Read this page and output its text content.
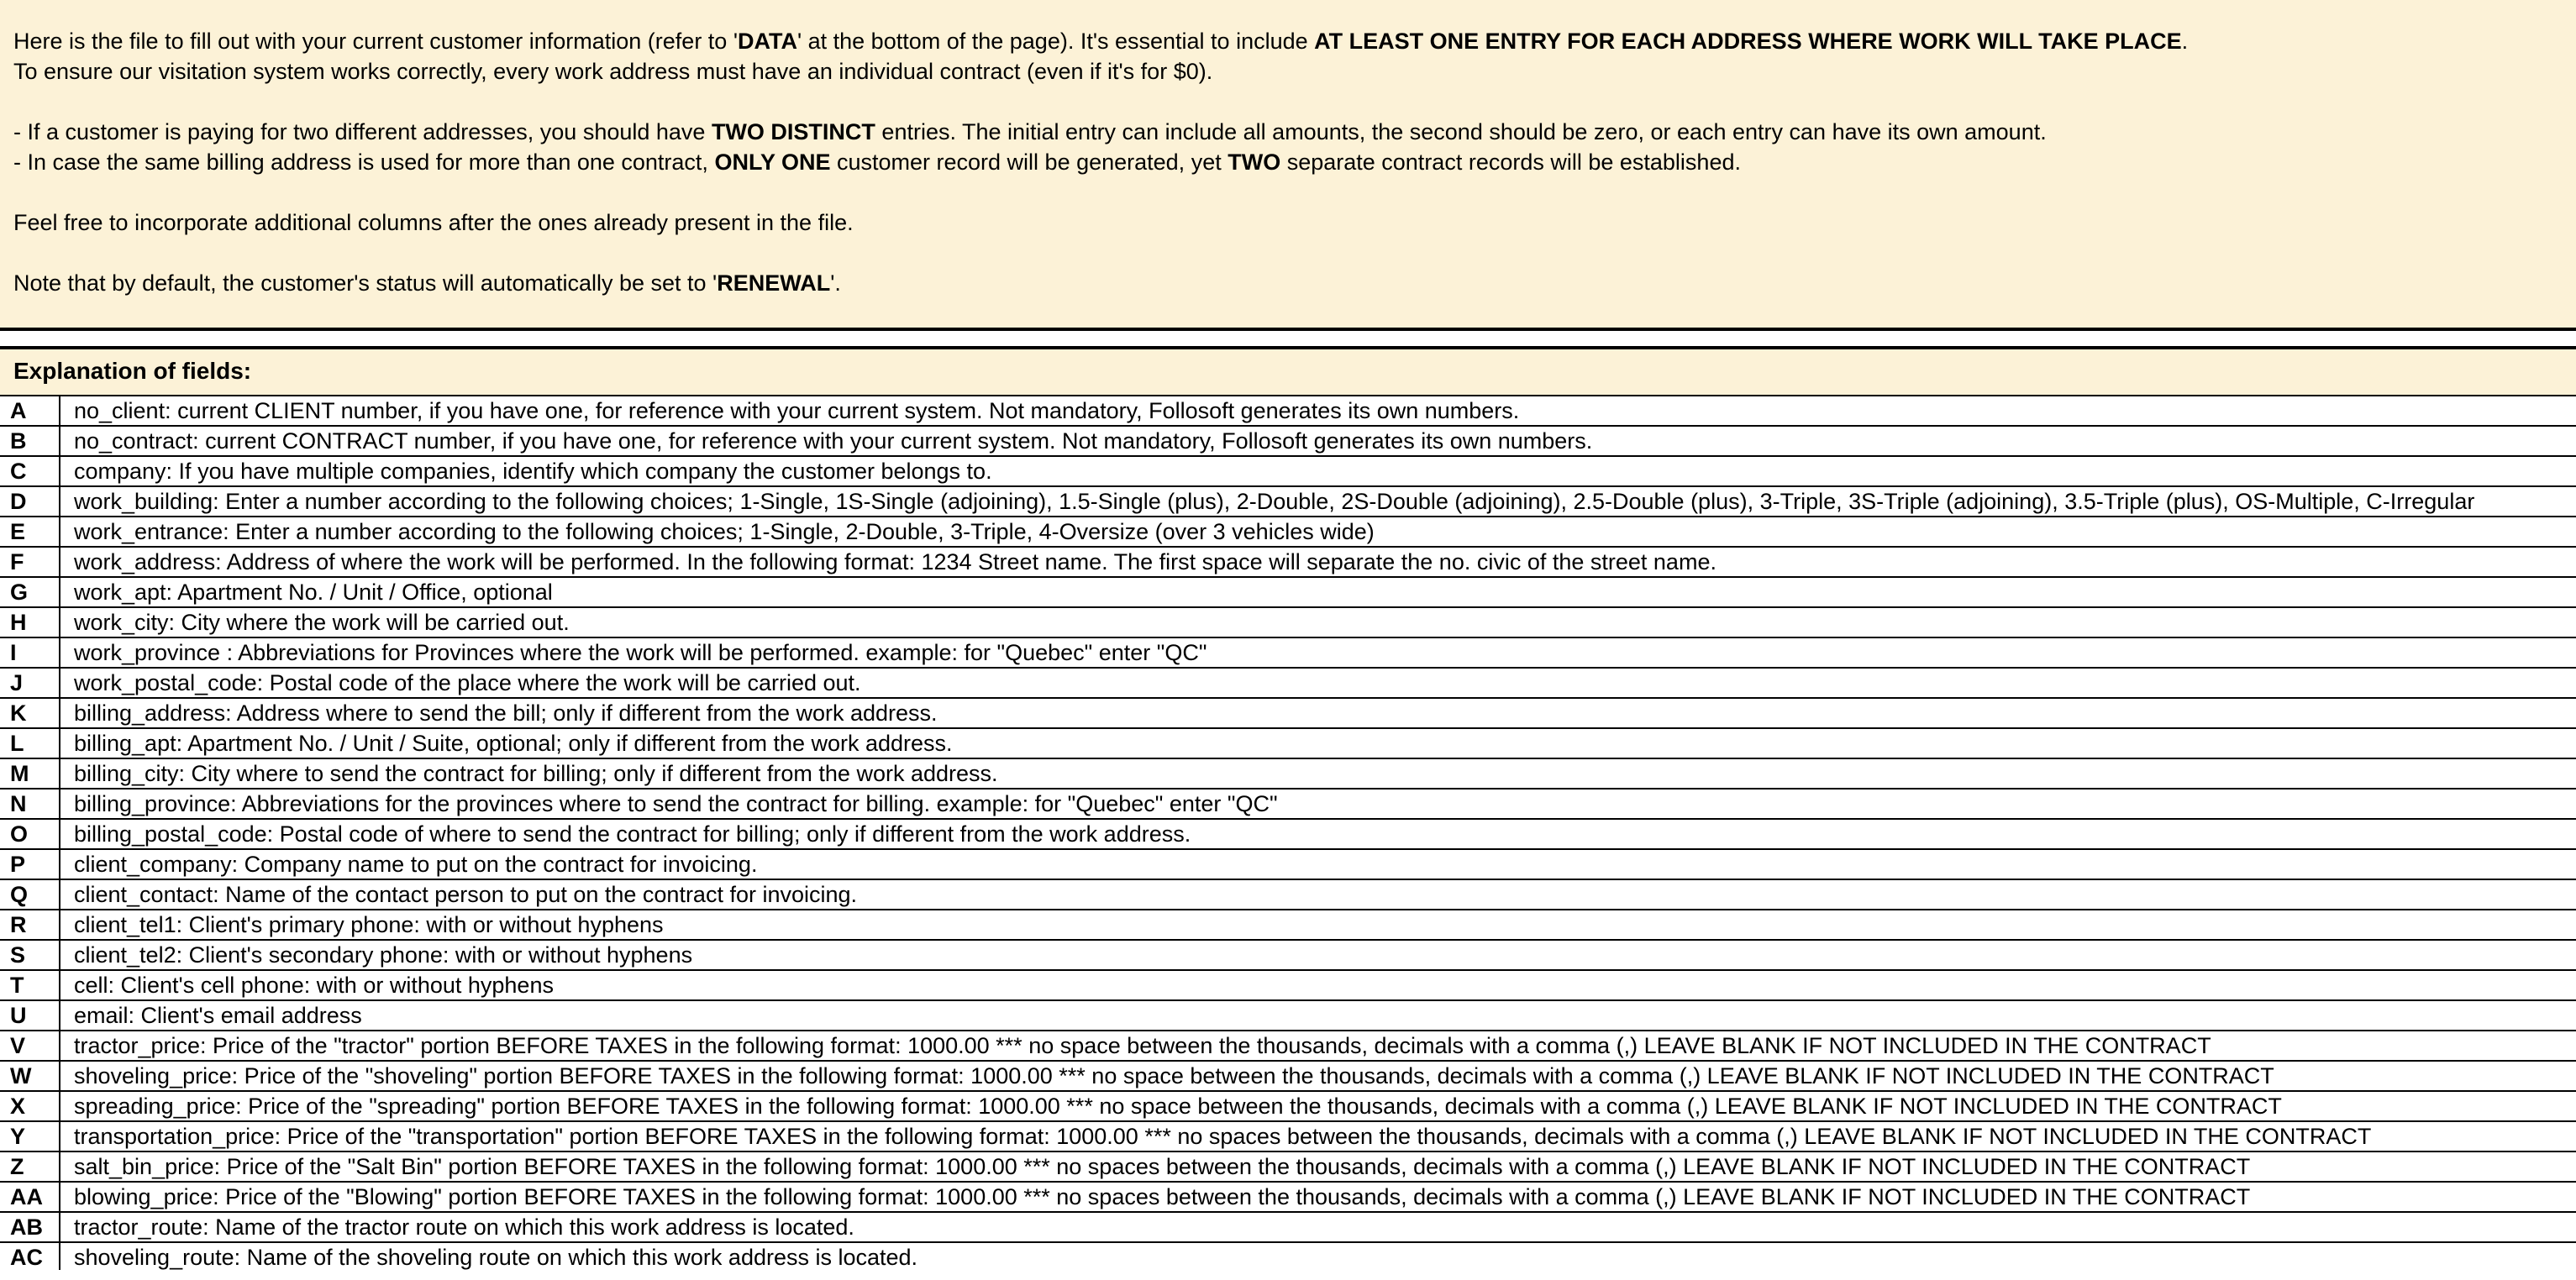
Here is the file to fill out with your current customer information (refer to 'DATA' at the bottom of the page). It's essential to include AT LEAST ONE ENTRY FOR EACH ADDRESS WHERE WORK WILL TAKE PLACE.
To ensure our visitation system works correctly, every work address must have an individual contract (even if it's for $0).
- If a customer is paying for two different addresses, you should have TWO DISTINCT entries. The initial entry can include all amounts, the second should be zero, or each entry can have its own amount.
- In case the same billing address is used for more than one contract, ONLY ONE customer record will be generated, yet TWO separate contract records will be established.
Feel free to incorporate additional columns after the ones already present in the file.
Note that by default, the customer's status will automatically be set to 'RENEWAL'.
Explanation of fields:
A	no_client: current CLIENT number, if you have one, for reference with your current system. Not mandatory, Follosoft generates its own numbers.
B	no_contract: current CONTRACT number, if you have one, for reference with your current system. Not mandatory, Follosoft generates its own numbers.
C	company: If you have multiple companies, identify which company the customer belongs to.
D	work_building: Enter a number according to the following choices; 1-Single, 1S-Single (adjoining), 1.5-Single (plus), 2-Double, 2S-Double (adjoining), 2.5-Double (plus), 3-Triple, 3S-Triple (adjoining), 3.5-Triple (plus), OS-Multiple, C-Irregular
E	work_entrance: Enter a number according to the following choices; 1-Single, 2-Double, 3-Triple, 4-Oversize (over 3 vehicles wide)
F	work_address: Address of where the work will be performed. In the following format: 1234 Street name. The first space will separate the no. civic of the street name.
G	work_apt: Apartment No. / Unit / Office, optional
H	work_city: City where the work will be carried out.
I	work_province : Abbreviations for Provinces where the work will be performed. example: for "Quebec" enter "QC"
J	work_postal_code: Postal code of the place where the work will be carried out.
K	billing_address: Address where to send the bill; only if different from the work address.
L	billing_apt: Apartment No. / Unit / Suite, optional; only if different from the work address.
M	billing_city: City where to send the contract for billing; only if different from the work address.
N	billing_province: Abbreviations for the provinces where to send the contract for billing. example: for "Quebec" enter "QC"
O	billing_postal_code: Postal code of where to send the contract for billing; only if different from the work address.
P	client_company: Company name to put on the contract for invoicing.
Q	client_contact: Name of the contact person to put on the contract for invoicing.
R	client_tel1: Client's primary phone: with or without hyphens
S	client_tel2: Client's secondary phone: with or without hyphens
T	cell: Client's cell phone: with or without hyphens
U	email: Client's email address
V	tractor_price: Price of the "tractor" portion BEFORE TAXES in the following format: 1000.00 *** no space between the thousands, decimals with a comma (,) LEAVE BLANK IF NOT INCLUDED IN THE CONTRACT
W	shoveling_price: Price of the "shoveling" portion BEFORE TAXES in the following format: 1000.00 *** no space between the thousands, decimals with a comma (,) LEAVE BLANK IF NOT INCLUDED IN THE CONTRACT
X	spreading_price: Price of the "spreading" portion BEFORE TAXES in the following format: 1000.00 *** no space between the thousands, decimals with a comma (,) LEAVE BLANK IF NOT INCLUDED IN THE CONTRACT
Y	transportation_price: Price of the "transportation" portion BEFORE TAXES in the following format: 1000.00 *** no spaces between the thousands, decimals with a comma (,) LEAVE BLANK IF NOT INCLUDED IN THE CONTRACT
Z	salt_bin_price: Price of the "Salt Bin" portion BEFORE TAXES in the following format: 1000.00 *** no spaces between the thousands, decimals with a comma (,) LEAVE BLANK IF NOT INCLUDED IN THE CONTRACT
AA	blowing_price: Price of the "Blowing" portion BEFORE TAXES in the following format: 1000.00 *** no spaces between the thousands, decimals with a comma (,) LEAVE BLANK IF NOT INCLUDED IN THE CONTRACT
AB	tractor_route: Name of the tractor route on which this work address is located.
AC	shoveling_route: Name of the shoveling route on which this work address is located.
